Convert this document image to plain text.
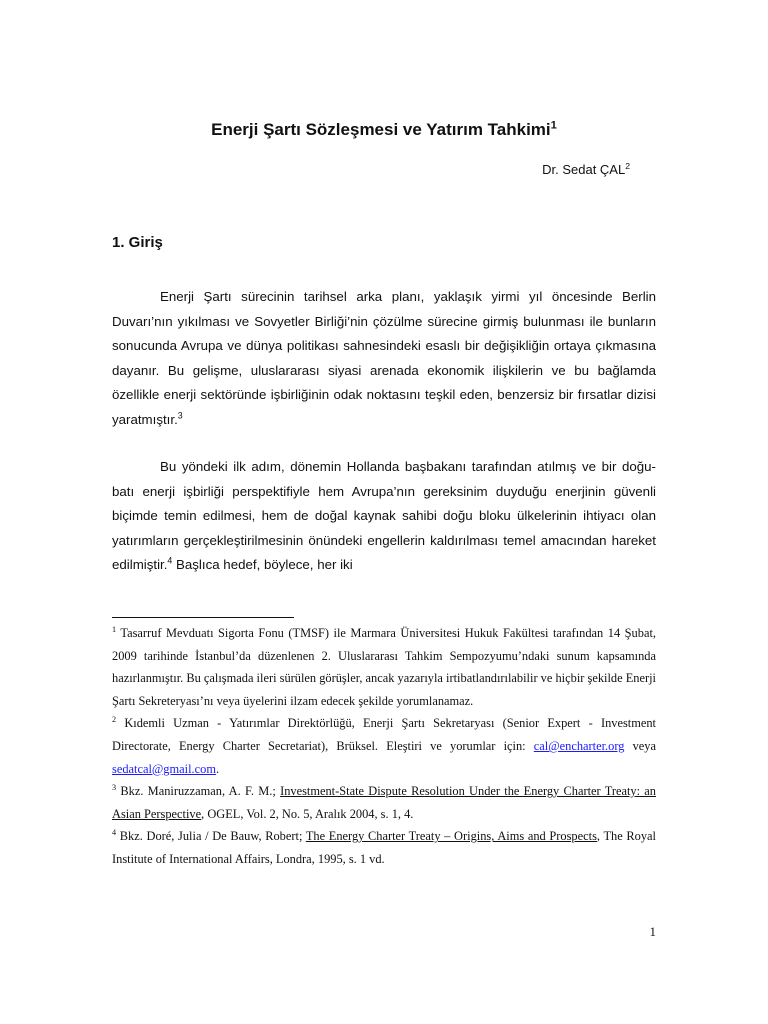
Enerji Şartı Sözleşmesi ve Yatırım Tahkimi$^1$
Dr. Sedat ÇAL$^2$
1. Giriş

Enerji Şartı sürecinin tarihsel arka planı, yaklaşık yirmi yıl öncesinde Berlin Duvarı’nın yıkılması ve Sovyetler Birliği’nin çözülme sürecine girmiş bulunması ile bunların sonucunda Avrupa ve dünya politikası sahnesindeki esaslı bir değişikliğin ortaya çıkmasına dayanır. Bu gelişme, uluslararası siyasi arenada ekonomik ilişkilerin ve bu bağlamda özellikle enerji sektöründe işbirliğinin odak noktasını teşkil eden, benzersiz bir fırsatlar dizisi yaratmıştır.$^3$

Bu yöndeki ilk adım, dönemin Hollanda başbakanı tarafından atılmış ve bir doğu-batı enerji işbirliği perspektifiyle hem Avrupa’nın gereksinim duyduğu enerjinin güvenli biçimde temin edilmesi, hem de doğal kaynak sahibi doğu bloku ülkelerinin ihtiyacı olan yatırımların gerçekleştirilmesinin önündeki engellerin kaldırılması temel amacından hareket edilmiştir.$^4$ Başlıca hedef, böylece, her iki

$^1$ Tasarruf Mevduatı Sigorta Fonu (TMSF) ile Marmara Üniversitesi Hukuk Fakültesi tarafından 14 Şubat, 2009 tarihinde İstanbul’da düzenlenen 2. Uluslararası Tahkim Sempozyumu’ndaki sunum kapsamında hazırlanmıştır. Bu çalışmada ileri sürülen görüşler, ancak yazarıyla irtibatlandırılabilir ve hiçbir şekilde Enerji Şartı Sekreteryası’nı veya üyelerini ilzam edecek şekilde yorumlanamaz.

$^2$ Kıdemli Uzman - Yatırımlar Direktörlüğü, Enerji Şartı Sekretaryası (Senior Expert - Investment Directorate, Energy Charter Secretariat), Brüksel. Eleştiri ve yorumlar için: cal@encharter.org veya sedatcal@gmail.com.

$^3$ Bkz. Maniruzzaman, A. F. M.; Investment-State Dispute Resolution Under the Energy Charter Treaty: an Asian Perspective, OGEL, Vol. 2, No. 5, Aralık 2004, s. 1, 4.

$^4$ Bkz. Doré, Julia / De Bauw, Robert; The Energy Charter Treaty – Origins, Aims and Prospects, The Royal Institute of International Affairs, Londra, 1995, s. 1 vd.

1
